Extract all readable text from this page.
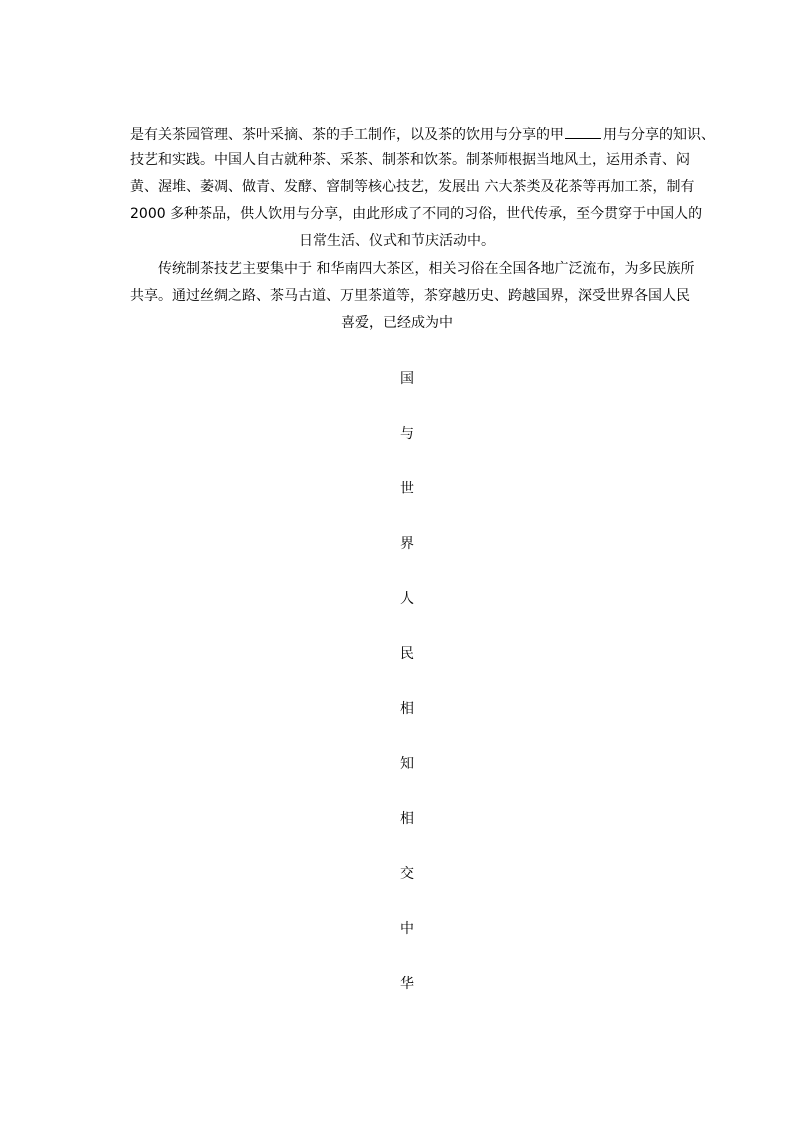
是有关茶园管理、茶叶采摘、茶的手工制作，以及茶的饮用与分享的甲	用与分享的知识、
技艺和实践。中国人自古就种茶、采茶、制茶和饮茶。制茶师根据当地风土，运用杀青、闷
黄、渥堆、萎凋、做青、发酵、窨制等核心技艺，发展出 六大茶类及花茶等再加工茶，制有
2000 多种茶品，供人饮用与分享，由此形成了不同的习俗，世代传承，至今贯穿于中国人的
日常生活、仪式和节庆活动中。
传统制茶技艺主要集中于 和华南四大茶区，相关习俗在全国各地广泛流布，为多民族所
共享。通过丝绸之路、茶马古道、万里茶道等，茶穿越历史、跨越国界，深受世界各国人民
喜爱，已经成为中
国
与
世
界
人
民
相
知
相
交
中
华
